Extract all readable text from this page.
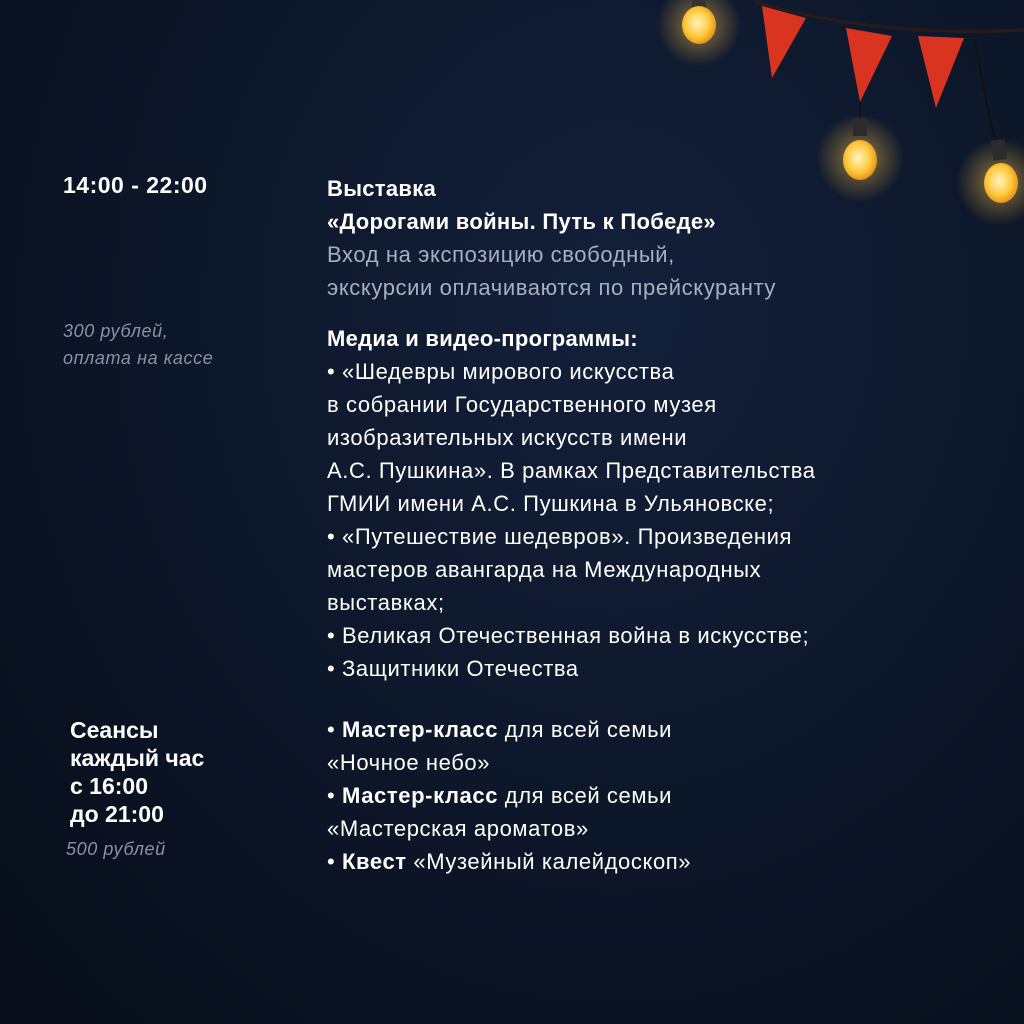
14:00 - 22:00

300 рублей,

оплата на кассе

Сеансы
каждый час
с 16:00
до 21:00

500 рублей

Выставка

«Дорогами войны. Путь к Победе»

Вход на экспозицию свободный,

экскурсии оплачиваются по прейскуранту

Медиа и видео-программы:

• «Шедевры мирового искусства

в собрании Государственного музея

изобразительных искусств имени

А.С. Пушкина». В рамках Представительства

ГМИИ имени А.С. Пушкина в Ульяновске;

• «Путешествие шедевров». Произведения

мастеров авангарда на Международных

выставках;

• Великая Отечественная война в искусстве;

• Защитники Отечества

• Мастер-класс для всей семьи

«Ночное небо»

• Мастер-класс для всей семьи

«Мастерская ароматов»

• Квест «Музейный калейдоскоп»
